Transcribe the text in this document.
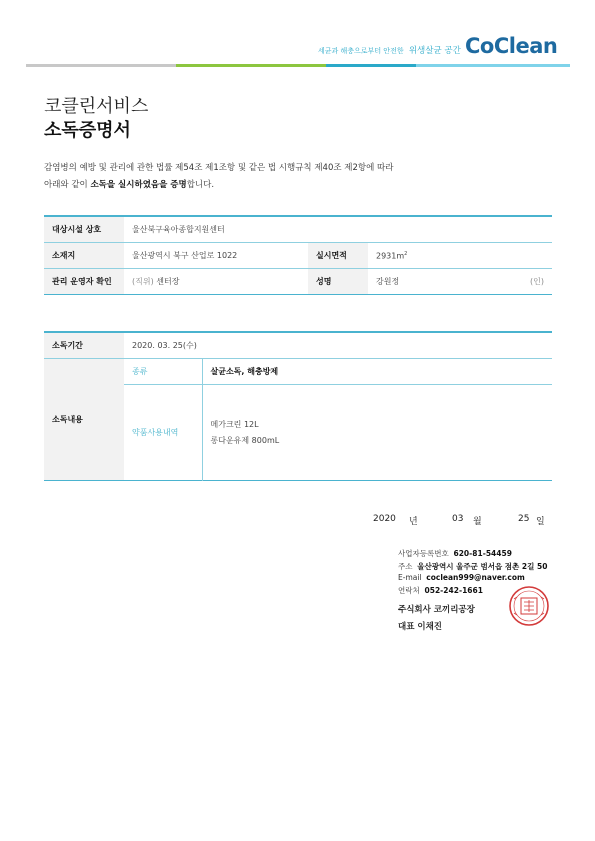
세균과 해충으로부터 안전한 위생살균 공간 CoClean
코클린서비스
소독증명서
감염병의 예방 및 관리에 관한 법률 제54조 제1조항 및 같은 법 시행규칙 제40조 제2항에 따라
아래와 같이 소독을 실시하였음을 증명합니다.
대상시설 상호	울산북구육아종합지원센터		
소재지	울산광역시 북구 산업로 1022	실시면적	$2931m^2$
관리 운영자 확인	(직위) 센터장	성명	강원정 (인)
소독기간	2020. 03. 25(수)	
소독내용	종류	살균소독, 해충방제
	약품사용내역	메가크린 12L
롱다운유제 800mL
2020 년	03 월	25 일
사업자등록번호 620-81-54459
주소 울산광역시 울주군 범서읍 점촌 2길 50
E-mail coclean999@naver.com
연락처 052-242-1661
주식회사 코끼리공장
대표 이채진
